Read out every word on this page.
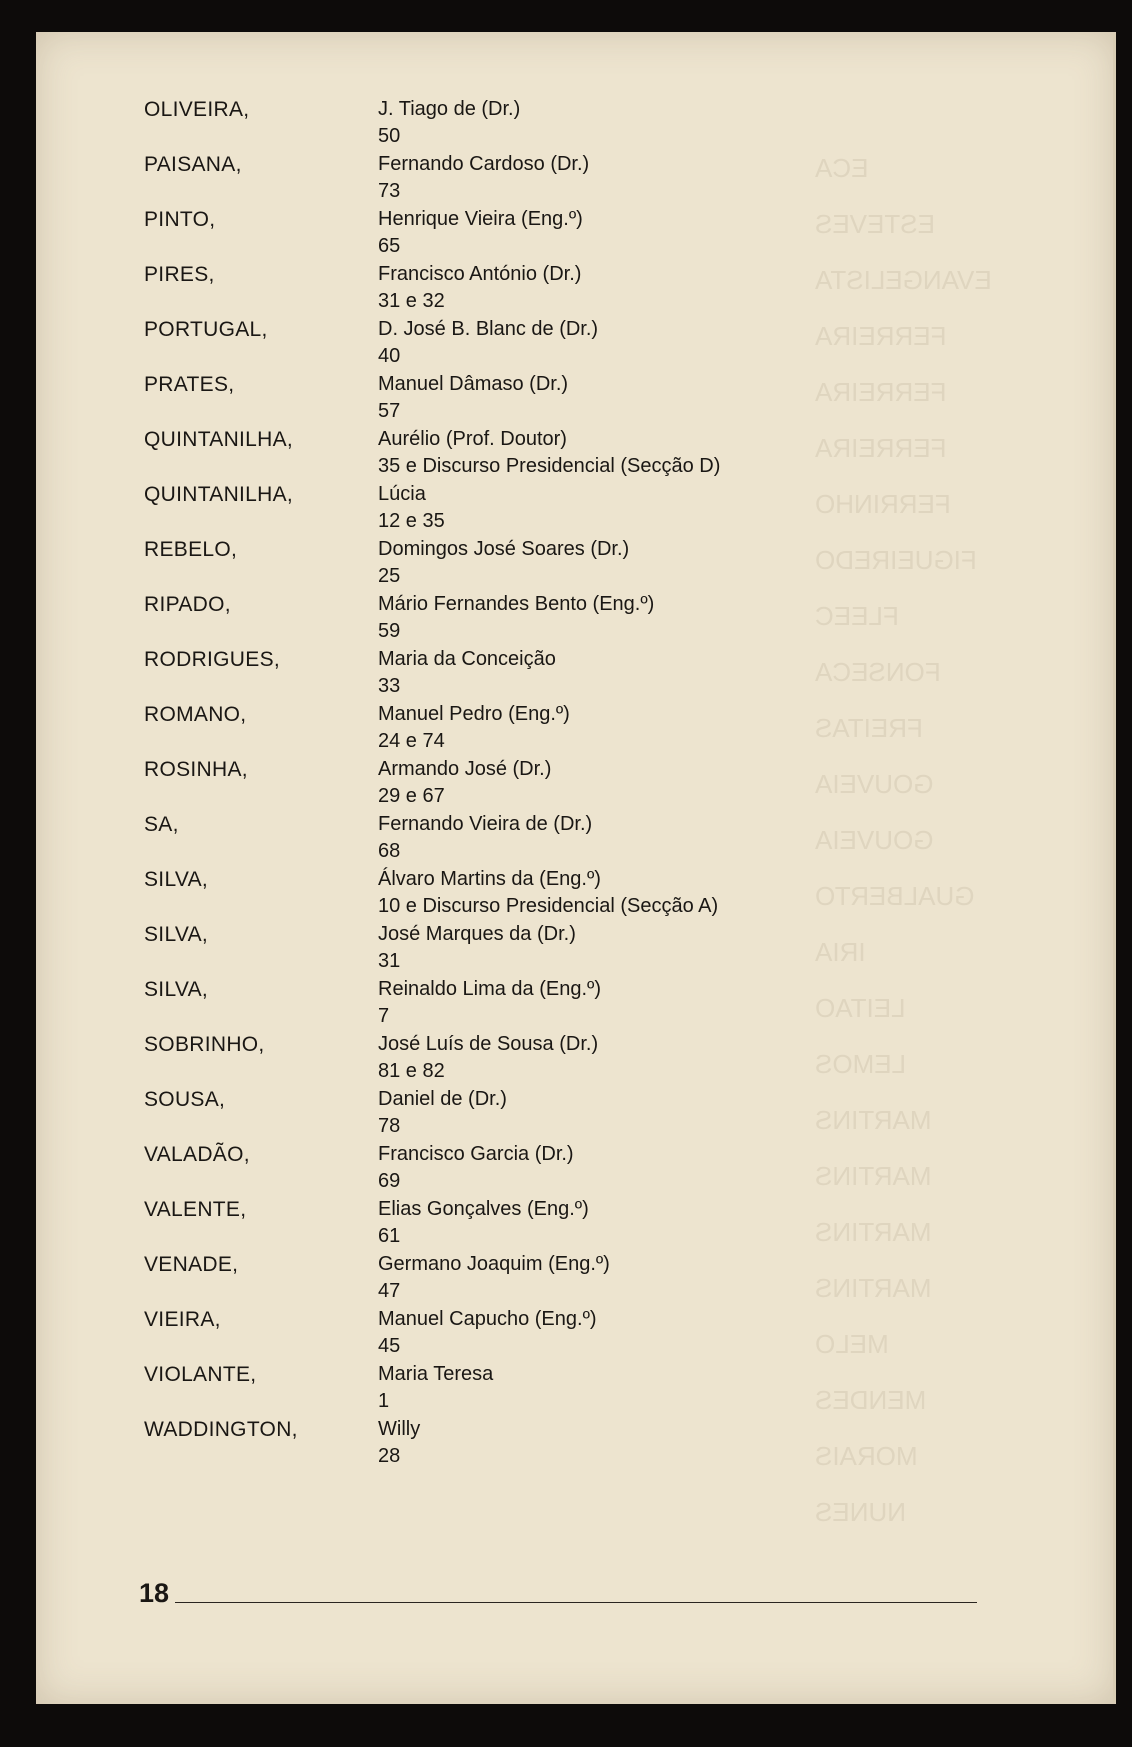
OLIVEIRA,	J. Tiago de (Dr.)
50
PAISANA,	Fernando Cardoso (Dr.)
73
PINTO,	Henrique Vieira (Eng.º)
65
PIRES,	Francisco António (Dr.)
31 e 32
PORTUGAL,	D. José B. Blanc de (Dr.)
40
PRATES,	Manuel Dâmaso (Dr.)
57
QUINTANILHA,	Aurélio (Prof. Doutor)
35 e Discurso Presidencial (Secção D)
QUINTANILHA,	Lúcia
12 e 35
REBELO,	Domingos José Soares (Dr.)
25
RIPADO,	Mário Fernandes Bento (Eng.º)
59
RODRIGUES,	Maria da Conceição
33
ROMANO,	Manuel Pedro (Eng.º)
24 e 74
ROSINHA,	Armando José (Dr.)
29 e 67
SA,	Fernando Vieira de (Dr.)
68
SILVA,	Álvaro Martins da (Eng.º)
10 e Discurso Presidencial (Secção A)
SILVA,	José Marques da (Dr.)
31
SILVA,	Reinaldo Lima da (Eng.º)
7
SOBRINHO,	José Luís de Sousa (Dr.)
81 e 82
SOUSA,	Daniel de (Dr.)
78
VALADÃO,	Francisco Garcia (Dr.)
69
VALENTE,	Elias Gonçalves (Eng.º)
61
VENADE,	Germano Joaquim (Eng.º)
47
VIEIRA,	Manuel Capucho (Eng.º)
45
VIOLANTE,	Maria Teresa
1
WADDINGTON,	Willy
28
18
